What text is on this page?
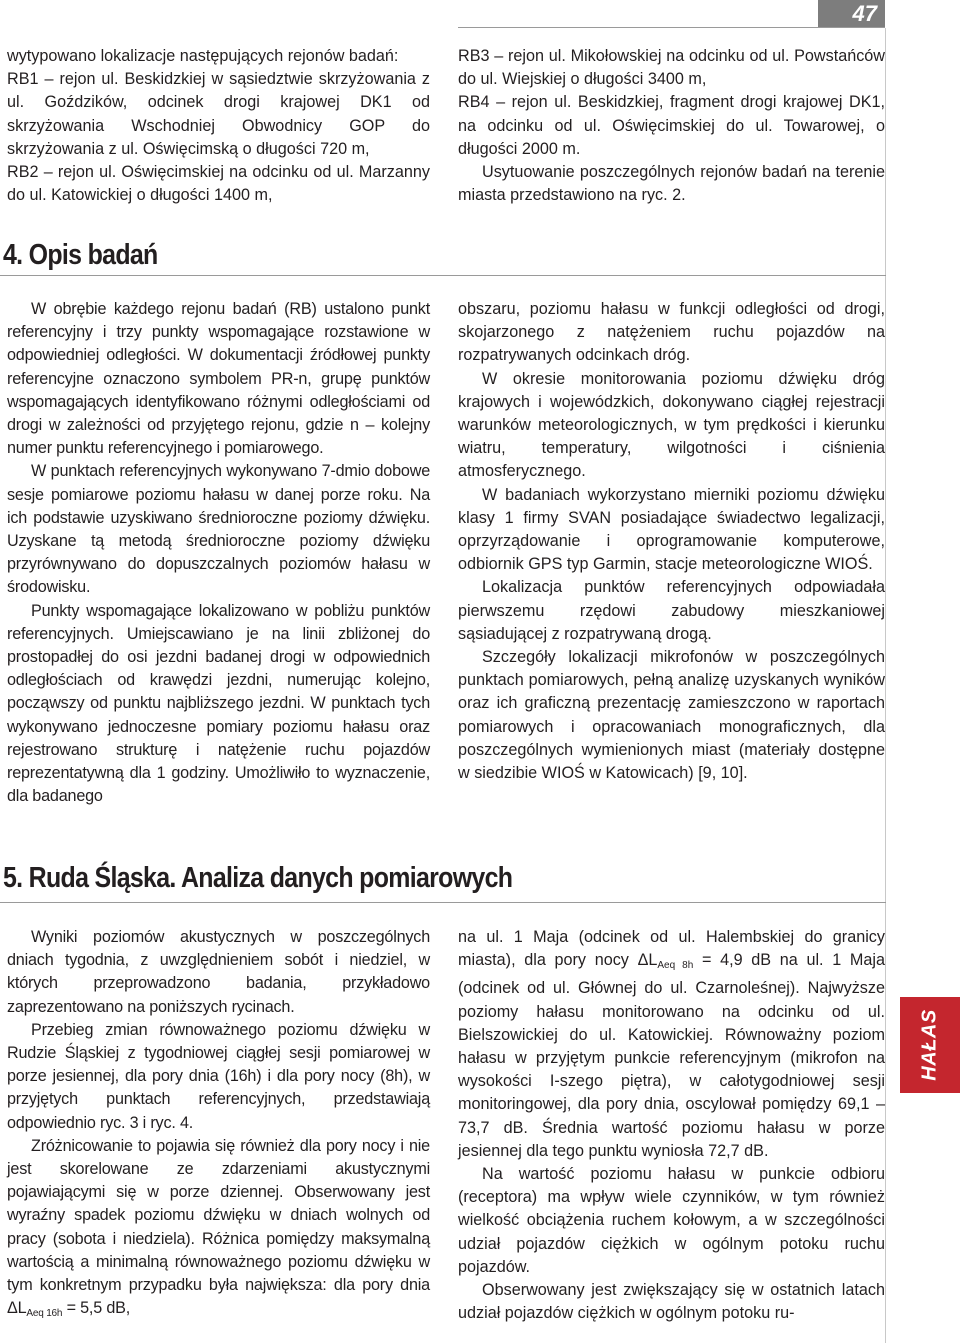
47

wytypowano lokalizacje następujących rejonów badań:

RB1 – rejon ul. Beskidzkiej w sąsiedztwie skrzyżowania z ul. Goździków, odcinek drogi krajowej DK1 od skrzyżowania Wschodniej Obwodnicy GOP do skrzyżowania z ul. Oświęcimską o długości 720 m,

RB2 – rejon ul. Oświęcimskiej na odcinku od ul. Marzanny do ul. Katowickiej o długości 1400 m,

RB3 – rejon ul. Mikołowskiej na odcinku od ul. Powstańców do ul. Wiejskiej o długości 3400 m,

RB4 – rejon ul. Beskidzkiej, fragment drogi krajowej DK1, na odcinku od ul. Oświęcimskiej do ul. Towarowej, o długości 2000 m.

Usytuowanie poszczególnych rejonów badań na terenie miasta przedstawiono na ryc. 2.

4. Opis badań

W obrębie każdego rejonu badań (RB) ustalono punkt referencyjny i trzy punkty wspomagające rozstawione w odpowiedniej odległości. W dokumentacji źródłowej punkty referencyjne oznaczono symbolem PR-n, grupę punktów wspomagających identyfikowano różnymi odległościami od drogi w zależności od przyjętego rejonu, gdzie n – kolejny numer punktu referencyjnego i pomiarowego.

W punktach referencyjnych wykonywano 7-dmio dobowe sesje pomiarowe poziomu hałasu w danej porze roku. Na ich podstawie uzyskiwano średnioroczne poziomy dźwięku. Uzyskane tą metodą średnioroczne poziomy dźwięku przyrównywano do dopuszczalnych poziomów hałasu w środowisku.

Punkty wspomagające lokalizowano w pobliżu punktów referencyjnych. Umiejscawiano je na linii zbliżonej do prostopadłej do osi jezdni badanej drogi w odpowiednich odległościach od krawędzi jezdni, numerując kolejno, począwszy od punktu najbliższego jezdni. W punktach tych wykonywano jednoczesne pomiary poziomu hałasu oraz rejestrowano strukturę i natężenie ruchu pojazdów reprezentatywną dla 1 godziny. Umożliwiło to wyznaczenie, dla badanego

obszaru, poziomu hałasu w funkcji odległości od drogi, skojarzonego z natężeniem ruchu pojazdów na rozpatrywanych odcinkach dróg.

W okresie monitorowania poziomu dźwięku dróg krajowych i wojewódzkich, dokonywano ciągłej rejestracji warunków meteorologicznych, w tym prędkości i kierunku wiatru, temperatury, wilgotności i ciśnienia atmosferycznego.

W badaniach wykorzystano mierniki poziomu dźwięku klasy 1 firmy SVAN posiadające świadectwo legalizacji, oprzyrządowanie i oprogramowanie komputerowe, odbiornik GPS typ Garmin, stacje meteorologiczne WIOŚ.

Lokalizacja punktów referencyjnych odpowiadała pierwszemu rzędowi zabudowy mieszkaniowej sąsiadującej z rozpatrywaną drogą.

Szczegóły lokalizacji mikrofonów w poszczególnych punktach pomiarowych, pełną analizę uzyskanych wyników oraz ich graficzną prezentację zamieszczono w raportach pomiarowych i opracowaniach monograficznych, dla poszczególnych wymienionych miast (materiały dostępne w siedzibie WIOŚ w Katowicach) [9, 10].

5. Ruda Śląska. Analiza danych pomiarowych

Wyniki poziomów akustycznych w poszczególnych dniach tygodnia, z uwzględnieniem sobót i niedziel, w których przeprowadzono badania, przykładowo zaprezentowano na poniższych rycinach.

Przebieg zmian równoważnego poziomu dźwięku w Rudzie Śląskiej z tygodniowej ciągłej sesji pomiarowej w porze jesiennej, dla pory dnia (16h) i dla pory nocy (8h), w przyjętych punktach referencyjnych, przedstawiają odpowiednio ryc. 3 i ryc. 4.

Zróżnicowanie to pojawia się również dla pory nocy i nie jest skorelowane ze zdarzeniami akustycznymi pojawiającymi się w porze dziennej. Obserwowany jest wyraźny spadek poziomu dźwięku w dniach wolnych od pracy (sobota i niedziela). Różnica pomiędzy maksymalną wartością a minimalną równoważnego poziomu dźwięku w tym konkretnym przypadku była największa: dla pory dnia $\Delta L_{Aeq 16h} = 5,5$ dB,

na ul. 1 Maja (odcinek od ul. Halembskiej do granicy miasta), dla pory nocy $\Delta L_{Aeq 8h} = 4,9$ dB na ul. 1 Maja (odcinek od ul. Głównej do ul. Czarnoleśnej). Najwyższe poziomy hałasu monitorowano na odcinku od ul. Bielszowickiej do ul. Katowickiej. Równoważny poziom hałasu w przyjętym punkcie referencyjnym (mikrofon na wysokości I-szego piętra), w całotygodniowej sesji monitoringowej, dla pory dnia, oscylował pomiędzy 69,1 – 73,7 dB. Średnia wartość poziomu hałasu w porze jesiennej dla tego punktu wyniosła 72,7 dB.

Na wartość poziomu hałasu w punkcie odbioru (receptora) ma wpływ wiele czynników, w tym również wielkość obciążenia ruchem kołowym, a w szczególności udział pojazdów ciężkich w ogólnym potoku ruchu pojazdów.

Obserwowany jest zwiększający się w ostatnich latach udział pojazdów ciężkich w ogólnym potoku ru-

HAŁAS
